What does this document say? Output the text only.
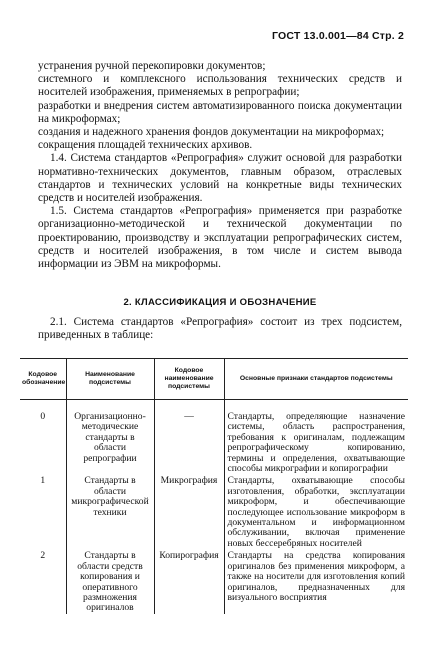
ГОСТ 13.0.001—84 Стр. 2

устранения ручной перекопировки документов;

системного и комплексного использования технических средств и носителей изображения, применяемых в репрографии;

разработки и внедрения систем автоматизированного поиска документации на микроформах;

создания и надежного хранения фондов документации на микроформах;

сокращения площадей технических архивов.

1.4. Система стандартов «Репрография» служит основой для разработки нормативно-технических документов, главным образом, отраслевых стандартов и технических условий на конкретные виды технических средств и носителей изображения.

1.5. Система стандартов «Репрография» применяется при разработке организационно-методической и технической документации по проектированию, производству и эксплуатации репрографических систем, средств и носителей изображения, в том числе и систем вывода информации из ЭВМ на микроформы.

2. КЛАССИФИКАЦИЯ И ОБОЗНАЧЕНИЕ
2.1. Система стандартов «Репрография» состоит из трех подсистем, приведенных в таблице:
Кодовое обозначение	Наименование подсистемы	Кодовое наименование подсистемы	Основные признаки стандартов подсистемы
0	Организационно-методические стандарты в области репрографии	—	Стандарты, определяющие назначение системы, область распространения, требования к оригиналам, подлежащим репрографическому копированию, термины и определения, охватывающие способы микрографии и копирографии
1	Стандарты в области микрографической техники	Микрография	Стандарты, охватывающие способы изготовления, обработки, эксплуатации микроформ, и обеспечивающие последующее использование микроформ в документальном и информационном обслуживании, включая применение новых бессеребряных носителей
2	Стандарты в области средств копирования и оперативного размножения оригиналов	Копирография	Стандарты на средства копирования оригиналов без применения микроформ, а также на носители для изготовления копий оригиналов, предназначенных для визуального восприятия
